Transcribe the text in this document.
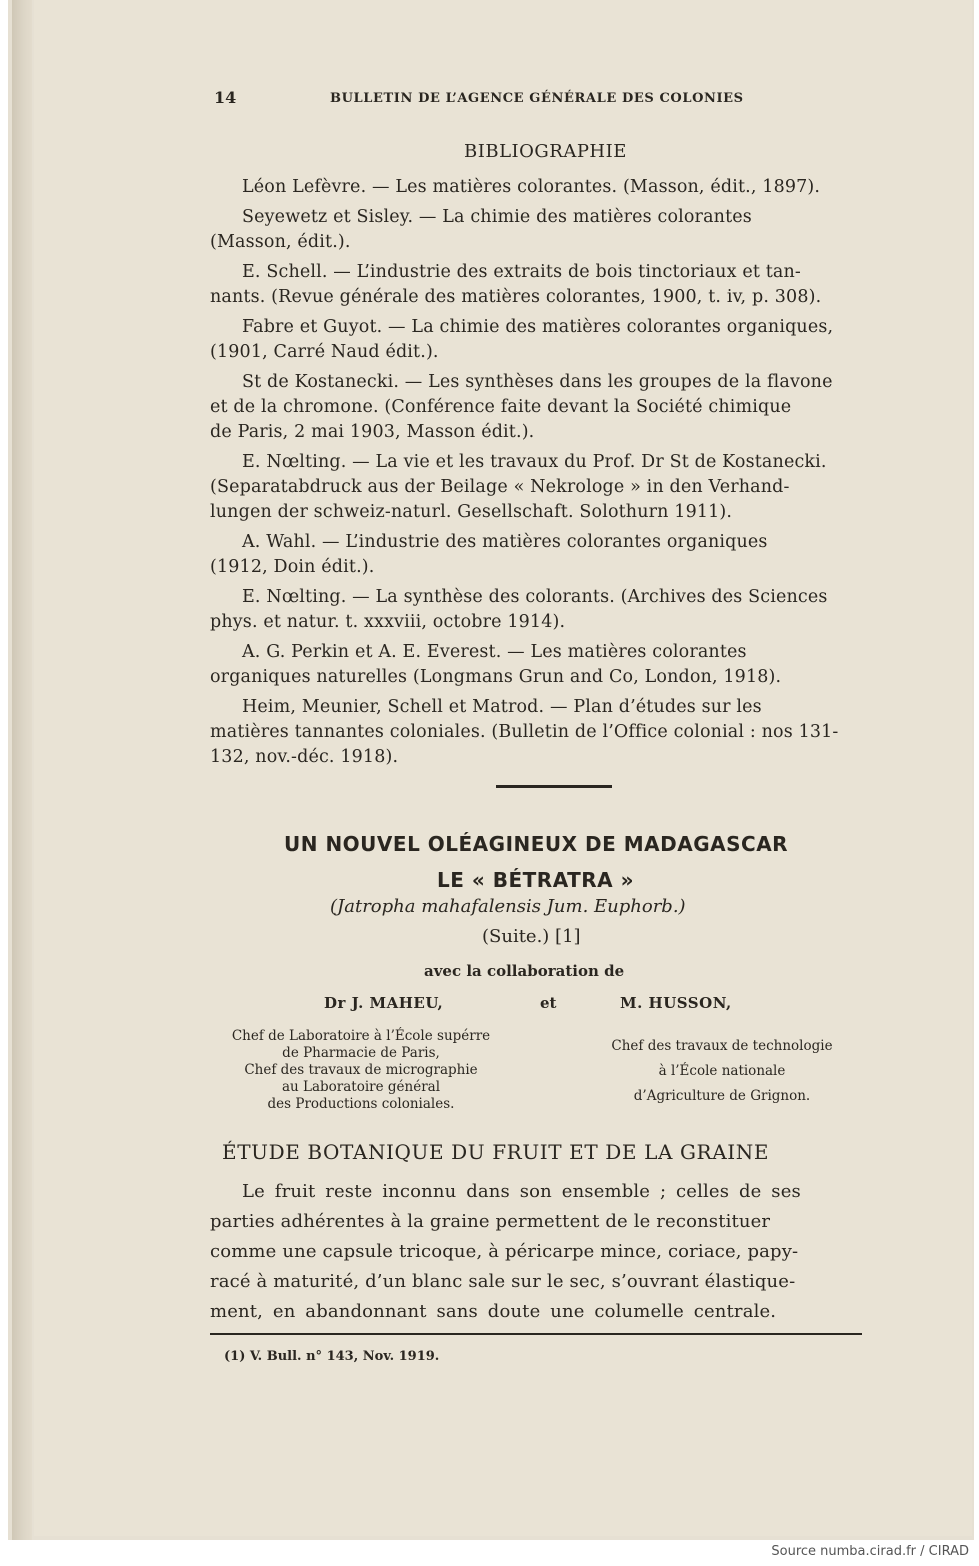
14	BULLETIN DE L’AGENCE GÉNÉRALE DES COLONIES
BIBLIOGRAPHIE
Léon Lefèvre. — Les matières colorantes. (Masson, édit., 1897).
Seyewetz et Sisley. — La chimie des matières colorantes
(Masson, édit.).
E. Schell. — L’industrie des extraits de bois tinctoriaux et tan-
nants. (Revue générale des matières colorantes, 1900, t. iv, p. 308).
Fabre et Guyot. — La chimie des matières colorantes organiques,
(1901, Carré Naud édit.).
St de Kostanecki. — Les synthèses dans les groupes de la flavone
et de la chromone. (Conférence faite devant la Société chimique
de Paris, 2 mai 1903, Masson édit.).
E. Nœlting. — La vie et les travaux du Prof. Dr St de Kostanecki.
(Separatabdruck aus der Beilage « Nekrologe » in den Verhand-
lungen der schweiz-naturl. Gesellschaft. Solothurn 1911).
A. Wahl. — L’industrie des matières colorantes organiques
(1912, Doin édit.).
E. Nœlting. — La synthèse des colorants. (Archives des Sciences
phys. et natur. t. xxxviii, octobre 1914).
A. G. Perkin et A. E. Everest. — Les matières colorantes
organiques naturelles (Longmans Grun and Co, London, 1918).
Heim, Meunier, Schell et Matrod. — Plan d’études sur les
matières tannantes coloniales. (Bulletin de l’Office colonial : nos 131-
132, nov.-déc. 1918).
UN NOUVEL OLÉAGINEUX DE MADAGASCAR
LE « BÉTRATRA »
(Jatropha mahafalensis Jum. Euphorb.)
(Suite.) [1]
avec la collaboration de
Dr J. MAHEU,	et	M. HUSSON,
Chef de Laboratoire à l’École supérre
de Pharmacie de Paris,
Chef des travaux de micrographie
au Laboratoire général
des Productions coloniales.
Chef des travaux de technologie
à l’École nationale
d’Agriculture de Grignon.
ÉTUDE BOTANIQUE DU FRUIT ET DE LA GRAINE
Le fruit reste inconnu dans son ensemble ; celles de ses
parties adhérentes à la graine permettent de le reconstituer
comme une capsule tricoque, à péricarpe mince, coriace, papy-
racé à maturité, d’un blanc sale sur le sec, s’ouvrant élastique-
ment, en abandonnant sans doute une columelle centrale.
(1) V. Bull. n° 143, Nov. 1919.
Source numba.cirad.fr / CIRAD
